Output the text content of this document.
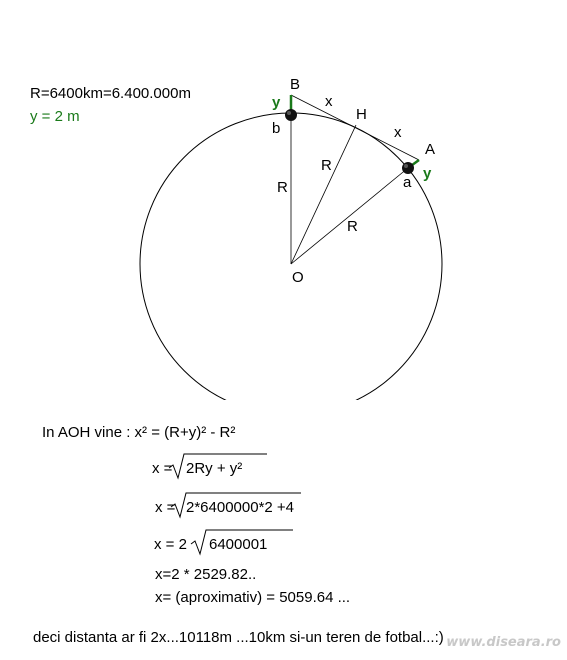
R=6400km=6.400.000m
y = 2 m
B
H
A
O
y
y
x
x
b
a
R
R
R
In AOH vine : x² = (R+y)² - R²
x = 2Ry + y²
x = 2*6400000*2 +4
x = 2 6400001
x=2 * 2529.82..
x= (aproximativ) = 5059.64 ...
deci distanta ar fi 2x...10118m ...10km si-un teren de fotbal...:) www.diseara.ro
